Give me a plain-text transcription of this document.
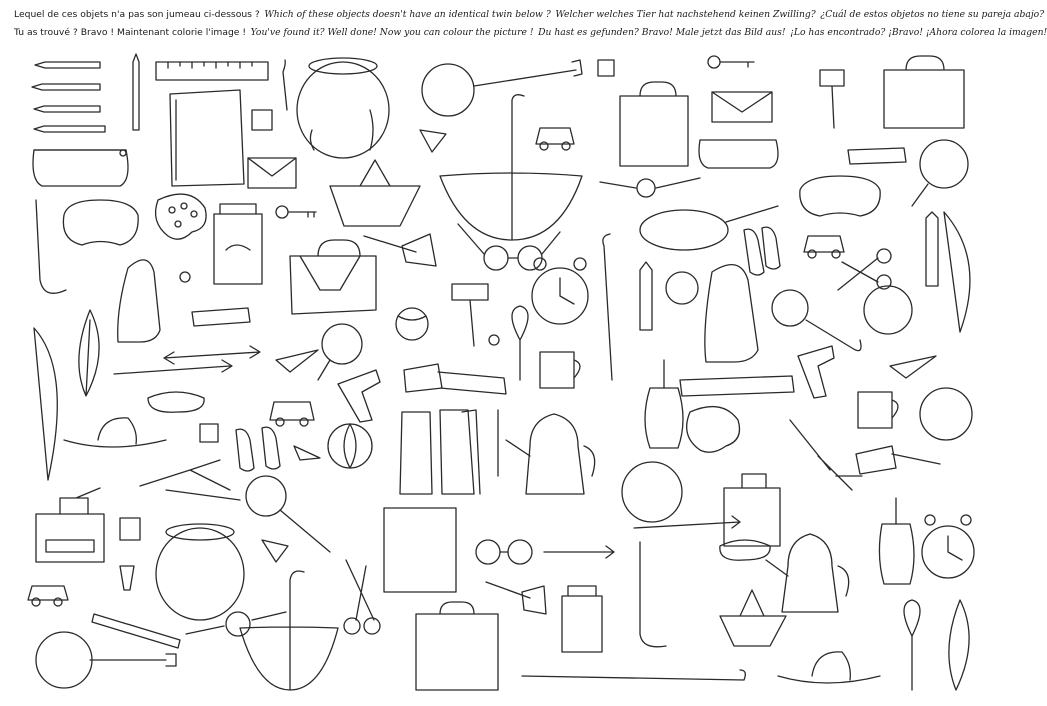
Lequel de ces objets n'a pas son jumeau ci-dessous ? Which of these objects doesn't have an identical twin below ? Welcher welches Tier hat nachstehend keinen Zwilling? ¿Cuál de estos objetos no tiene su pareja abajo?
Tu as trouvé ? Bravo ! Maintenant colorie l'image ! You've found it? Well done! Now you can colour the picture ! Du hast es gefunden? Bravo! Male jetzt das Bild aus! ¡Lo has encontrado? ¡Bravo! ¡Ahora colorea la imagen!
